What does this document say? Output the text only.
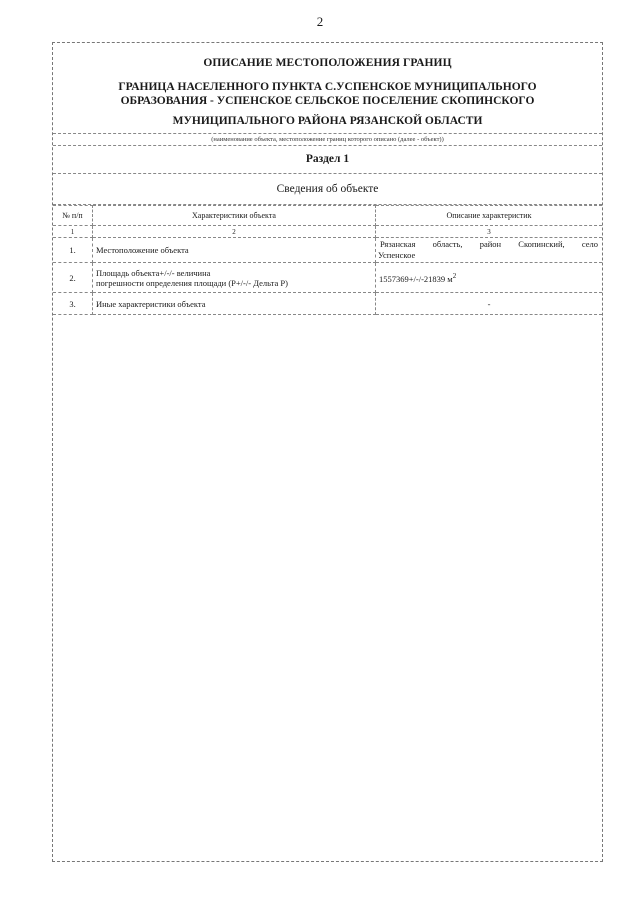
2
ОПИСАНИЕ МЕСТОПОЛОЖЕНИЯ ГРАНИЦ
ГРАНИЦА НАСЕЛЕННОГО ПУНКТА С.УСПЕНСКОЕ МУНИЦИПАЛЬНОГО
ОБРАЗОВАНИЯ - УСПЕНСКОЕ СЕЛЬСКОЕ ПОСЕЛЕНИЕ СКОПИНСКОГО
МУНИЦИПАЛЬНОГО РАЙОНА РЯЗАНСКОЙ ОБЛАСТИ
(наименование объекта, местоположение границ которого описано (далее - объект))
Раздел 1
Сведения об объекте
№ п/п	Характеристики объекта	Описание характеристик
1	2	3
1.	Местоположение объекта	Рязанская область, район Скопинский, село
Успенское

2.	Площадь объекта+/-/- величина
погрешности определения площади (Р+/-/- Дельта Р)	1557369+/-/-21839 $м^2$
3.	Иные характеристики объекта	-
